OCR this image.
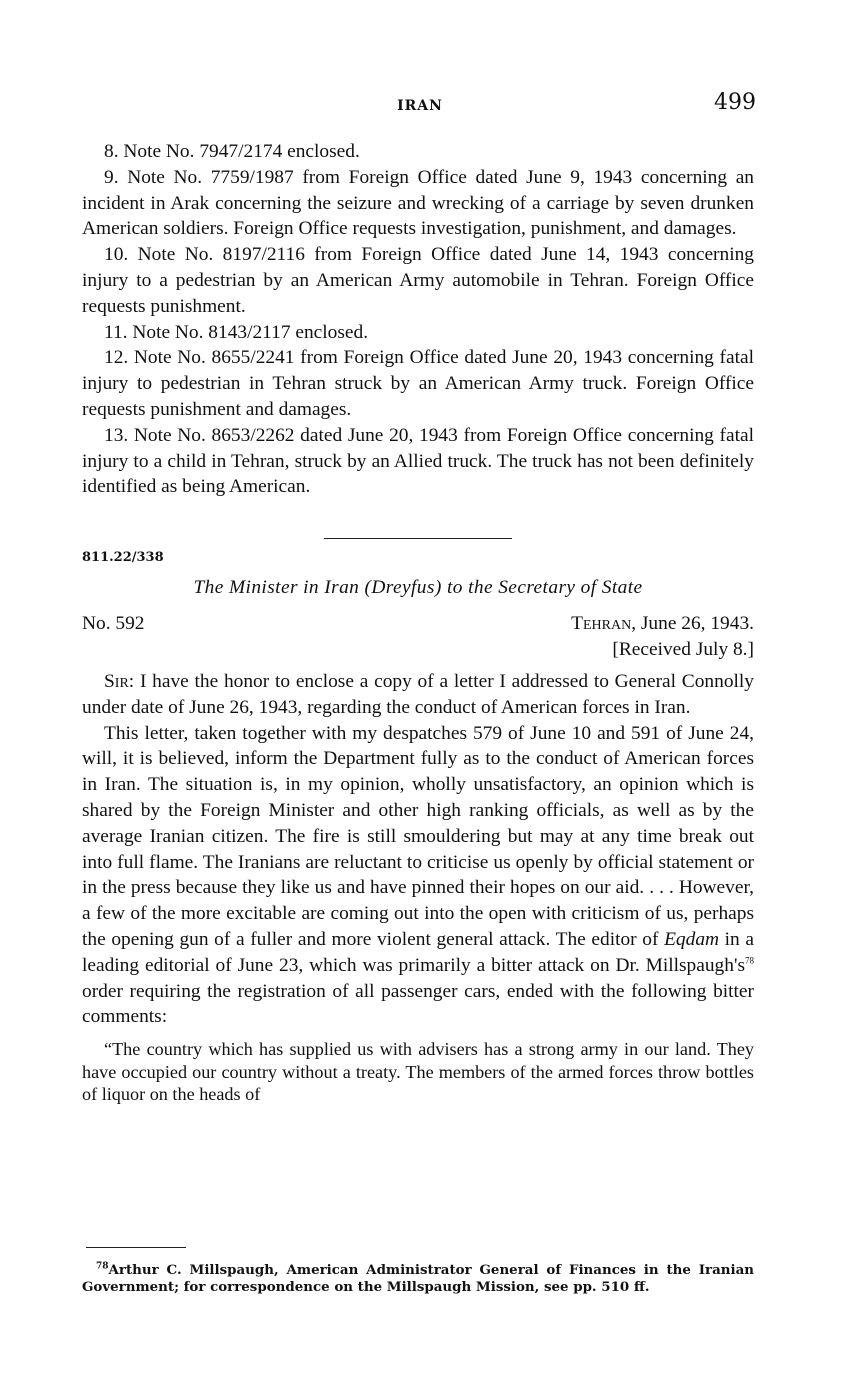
IRAN	499

8. Note No. 7947/2174 enclosed.

9. Note No. 7759/1987 from Foreign Office dated June 9, 1943 concerning an incident in Arak concerning the seizure and wrecking of a carriage by seven drunken American soldiers. Foreign Office requests investigation, punishment, and damages.

10. Note No. 8197/2116 from Foreign Office dated June 14, 1943 concerning injury to a pedestrian by an American Army automobile in Tehran. Foreign Office requests punishment.

11. Note No. 8143/2117 enclosed.

12. Note No. 8655/2241 from Foreign Office dated June 20, 1943 concerning fatal injury to pedestrian in Tehran struck by an American Army truck. Foreign Office requests punishment and damages.

13. Note No. 8653/2262 dated June 20, 1943 from Foreign Office concerning fatal injury to a child in Tehran, struck by an Allied truck. The truck has not been definitely identified as being American.

811.22/338
The Minister in Iran (Dreyfus) to the Secretary of State
No. 592	Tehran, June 26, 1943.
[Received July 8.]

Sir: I have the honor to enclose a copy of a letter I addressed to General Connolly under date of June 26, 1943, regarding the conduct of American forces in Iran.

This letter, taken together with my despatches 579 of June 10 and 591 of June 24, will, it is believed, inform the Department fully as to the conduct of American forces in Iran. The situation is, in my opinion, wholly unsatisfactory, an opinion which is shared by the Foreign Minister and other high ranking officials, as well as by the average Iranian citizen. The fire is still smouldering but may at any time break out into full flame. The Iranians are reluctant to criticise us openly by official statement or in the press because they like us and have pinned their hopes on our aid. . . . However, a few of the more excitable are coming out into the open with criticism of us, perhaps the opening gun of a fuller and more violent general attack. The editor of Eqdam in a leading editorial of June 23, which was primarily a bitter attack on Dr. $Millspaugh's^{78}$ order requiring the registration of all passenger cars, ended with the following bitter comments:

“The country which has supplied us with advisers has a strong army in our land. They have occupied our country without a treaty. The members of the armed forces throw bottles of liquor on the heads of

$^{78}$Arthur C. Millspaugh, American Administrator General of Finances in the Iranian Government; for correspondence on the Millspaugh Mission, see pp. 510 ff.
